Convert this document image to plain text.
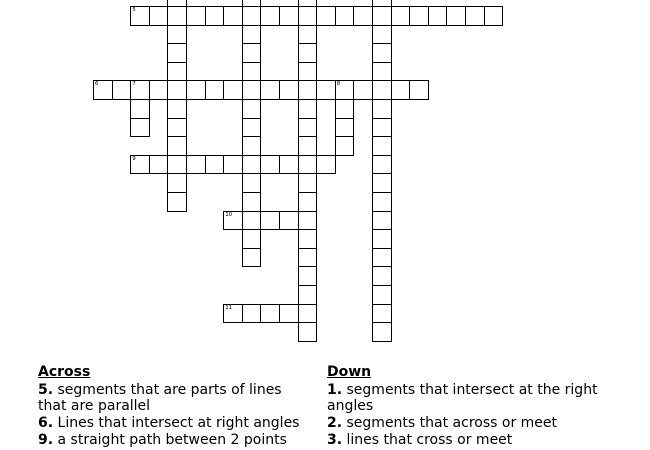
5
6	7	8
9
10
11
Across
5. segments that are parts of lines that are parallel
6. Lines that intersect at right angles
9. a straight path between 2 points
Down
1. segments that intersect at the right angles
2. segments that across or meet
3. lines that cross or meet
